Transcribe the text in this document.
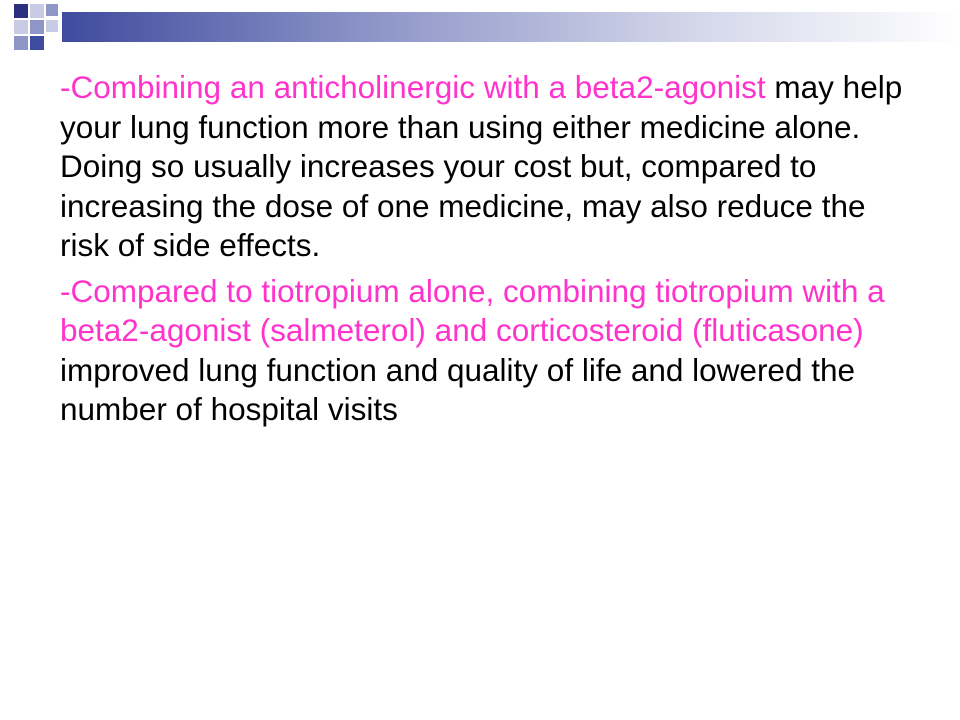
-Combining an anticholinergic with a beta2-agonist may help your lung function more than using either medicine alone. Doing so usually increases your cost but, compared to increasing the dose of one medicine, may also reduce the risk of side effects.

-Compared to tiotropium alone, combining tiotropium with a beta2-agonist (salmeterol) and corticosteroid (fluticasone) improved lung function and quality of life and lowered the number of hospital visits
